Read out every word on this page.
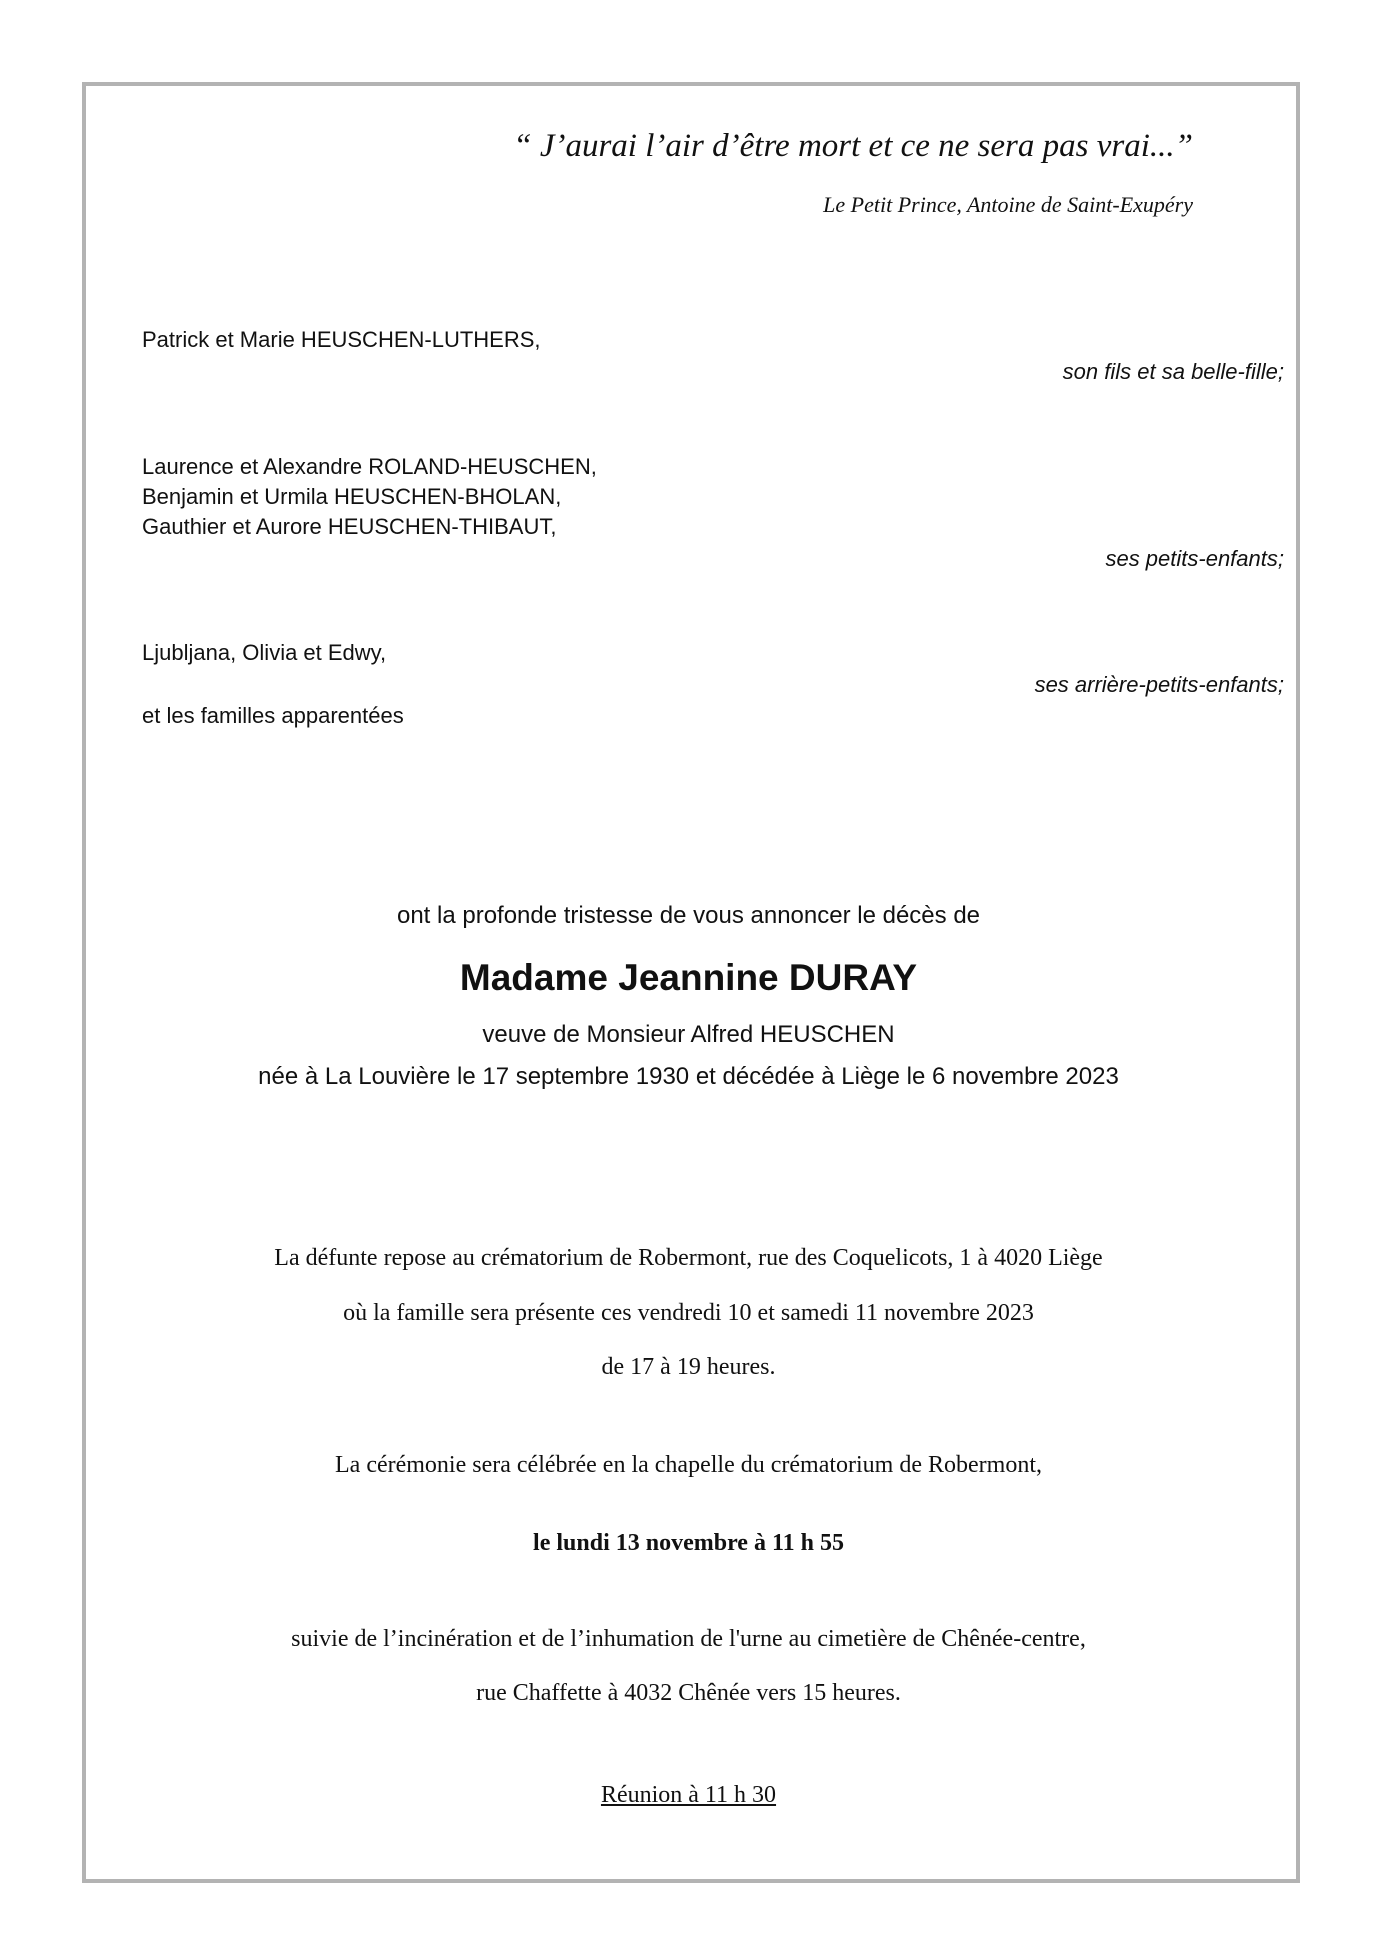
“ J’aurai l’air d’être mort et ce ne sera pas vrai...”
Le Petit Prince, Antoine de Saint-Exupéry
Patrick et Marie HEUSCHEN-LUTHERS,
son fils et sa belle-fille;
Laurence et Alexandre ROLAND-HEUSCHEN,
Benjamin et Urmila HEUSCHEN-BHOLAN,
Gauthier et Aurore HEUSCHEN-THIBAUT,
ses petits-enfants;
Ljubljana, Olivia et Edwy,
ses arrière-petits-enfants;
et les familles apparentées
ont la profonde tristesse de vous annoncer le décès de
Madame Jeannine DURAY
veuve de Monsieur Alfred HEUSCHEN
née à La Louvière le 17 septembre 1930 et décédée à Liège le 6 novembre 2023
La défunte repose au crématorium de Robermont, rue des Coquelicots, 1 à 4020 Liège
où la famille sera présente ces vendredi 10 et samedi 11 novembre 2023
de 17 à 19 heures.
La cérémonie sera célébrée en la chapelle du crématorium de Robermont,
le lundi 13 novembre à 11 h 55
suivie de l’incinération et de l’inhumation de l'urne au cimetière de Chênée-centre,
rue Chaffette à 4032 Chênée vers 15 heures.
Réunion à 11 h 30
